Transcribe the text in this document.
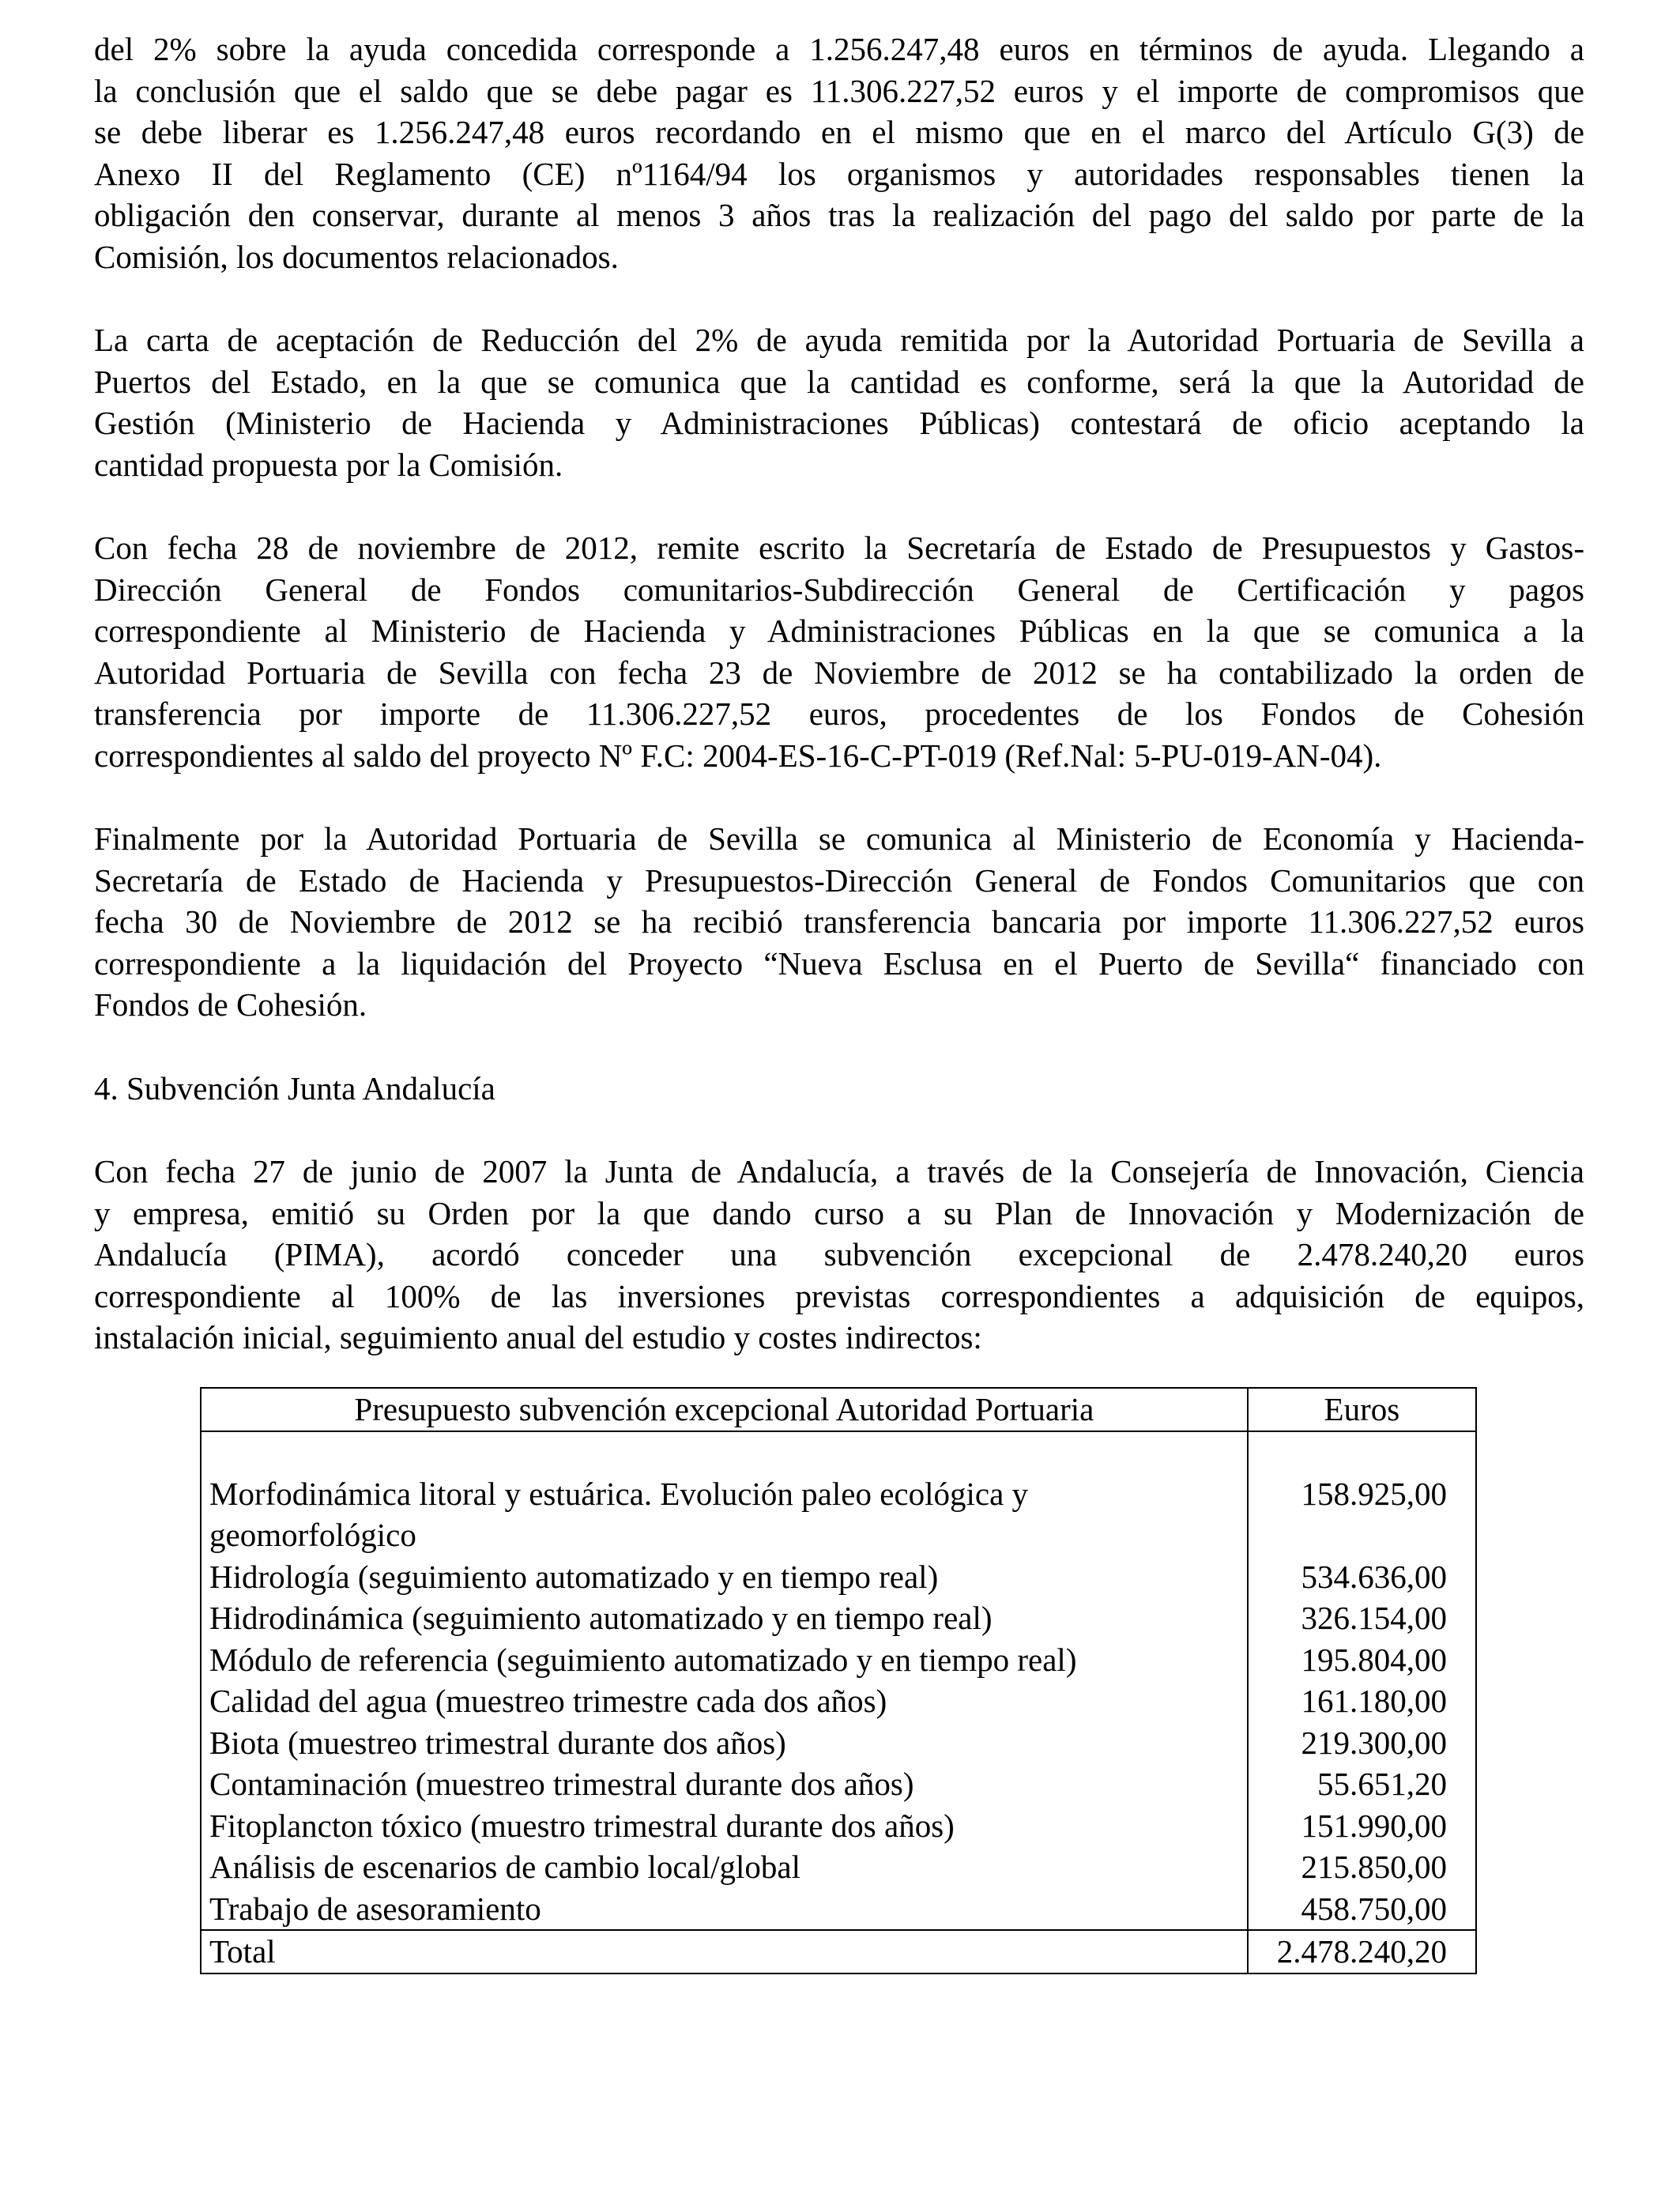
del 2% sobre la ayuda concedida corresponde a 1.256.247,48 euros en términos de ayuda. Llegando a
la conclusión que el saldo que se debe pagar es 11.306.227,52 euros y el importe de compromisos que
se debe liberar es 1.256.247,48 euros recordando en el mismo que en el marco del Artículo G(3) de
Anexo II del Reglamento (CE) nº1164/94 los organismos y autoridades responsables tienen la
obligación den conservar, durante al menos 3 años tras la realización del pago del saldo por parte de la
Comisión, los documentos relacionados.
La carta de aceptación de Reducción del 2% de ayuda remitida por la Autoridad Portuaria de Sevilla a
Puertos del Estado, en la que se comunica que la cantidad es conforme, será la que la Autoridad de
Gestión (Ministerio de Hacienda y Administraciones Públicas) contestará de oficio aceptando la
cantidad propuesta por la Comisión.
Con fecha 28 de noviembre de 2012, remite escrito la Secretaría de Estado de Presupuestos y Gastos-
Dirección General de Fondos comunitarios-Subdirección General de Certificación y pagos
correspondiente al Ministerio de Hacienda y Administraciones Públicas en la que se comunica a la
Autoridad Portuaria de Sevilla con fecha 23 de Noviembre de 2012 se ha contabilizado la orden de
transferencia por importe de 11.306.227,52 euros, procedentes de los Fondos de Cohesión
correspondientes al saldo del proyecto Nº F.C: 2004-ES-16-C-PT-019 (Ref.Nal: 5-PU-019-AN-04).
Finalmente por la Autoridad Portuaria de Sevilla se comunica al Ministerio de Economía y Hacienda-
Secretaría de Estado de Hacienda y Presupuestos-Dirección General de Fondos Comunitarios que con
fecha 30 de Noviembre de 2012 se ha recibió transferencia bancaria por importe 11.306.227,52 euros
correspondiente a la liquidación del Proyecto “Nueva Esclusa en el Puerto de Sevilla“ financiado con
Fondos de Cohesión.
4. Subvención Junta Andalucía
Con fecha 27 de junio de 2007 la Junta de Andalucía, a través de la Consejería de Innovación, Ciencia
y empresa, emitió su Orden por la que dando curso a su Plan de Innovación y Modernización de
Andalucía (PIMA), acordó conceder una subvención excepcional de 2.478.240,20 euros
correspondiente al 100% de las inversiones previstas correspondientes a adquisición de equipos,
instalación inicial, seguimiento anual del estudio y costes indirectos:
Presupuesto subvención excepcional Autoridad Portuaria	Euros

Morfodinámica litoral y estuárica. Evolución paleo ecológica y
geomorfológico	158.925,00
Hidrología (seguimiento automatizado y en tiempo real)	534.636,00
Hidrodinámica (seguimiento automatizado y en tiempo real)	326.154,00
Módulo de referencia (seguimiento automatizado y en tiempo real)	195.804,00
Calidad del agua (muestreo trimestre cada dos años)	161.180,00
Biota (muestreo trimestral durante dos años)	219.300,00
Contaminación (muestreo trimestral durante dos años)	55.651,20
Fitoplancton tóxico (muestro trimestral durante dos años)	151.990,00
Análisis de escenarios de cambio local/global	215.850,00
Trabajo de asesoramiento	458.750,00
Total	2.478.240,20
